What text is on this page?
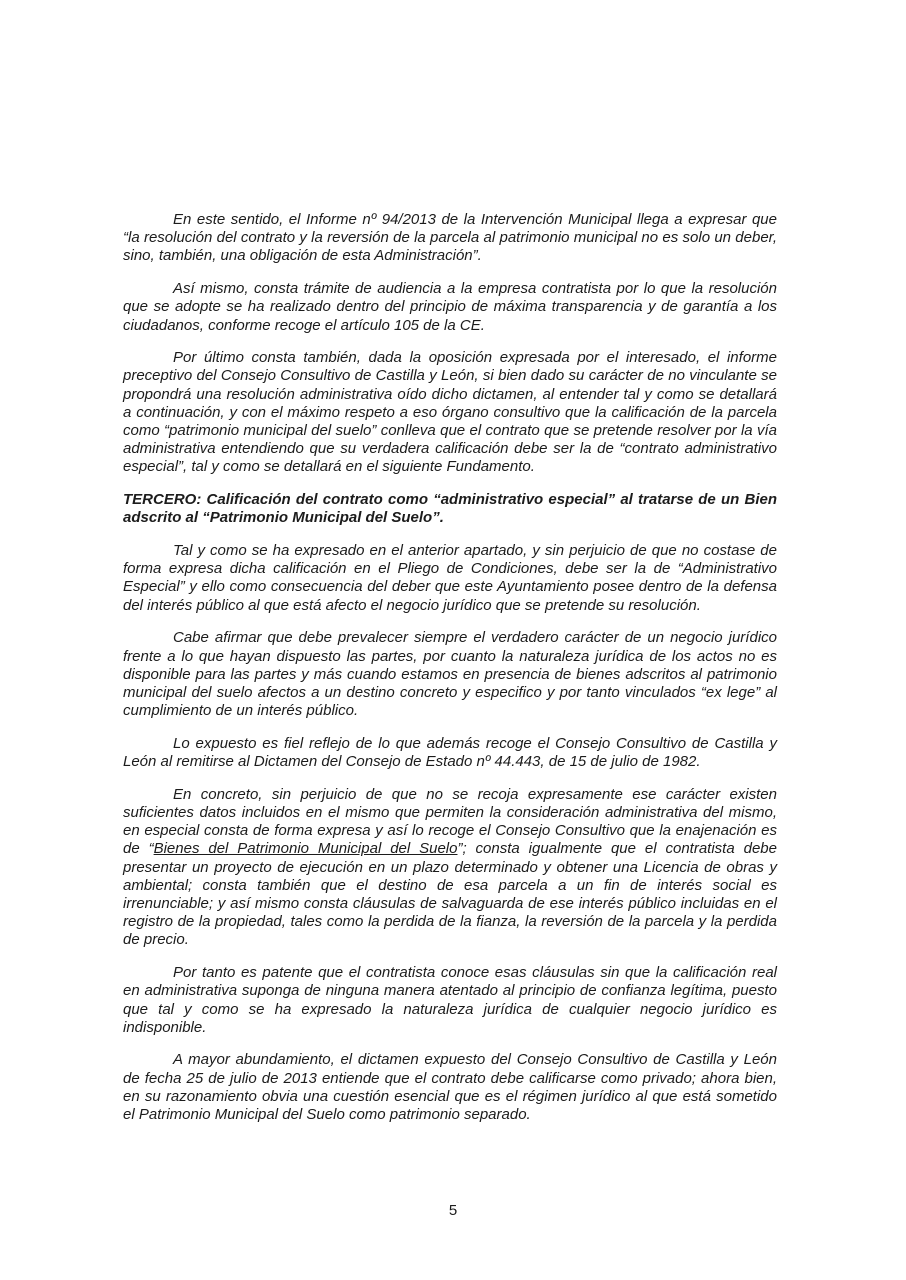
En este sentido, el Informe nº 94/2013 de la Intervención Municipal llega a expresar que “la resolución del contrato y la reversión de la parcela al patrimonio municipal no es solo un deber, sino, también, una obligación de esta Administración”.

Así mismo, consta trámite de audiencia a la empresa contratista por lo que la resolución que se adopte se ha realizado dentro del principio de máxima transparencia y de garantía a los ciudadanos, conforme recoge el artículo 105 de la CE.

Por último consta también, dada la oposición expresada por el interesado, el informe preceptivo del Consejo Consultivo de Castilla y León, si bien dado su carácter de no vinculante se propondrá una resolución administrativa oído dicho dictamen, al entender tal y como se detallará a continuación, y con el máximo respeto a eso órgano consultivo que la calificación de la parcela como “patrimonio municipal del suelo” conlleva que el contrato que se pretende resolver por la vía administrativa entendiendo que su verdadera calificación debe ser la de “contrato administrativo especial”, tal y como se detallará en el siguiente Fundamento.

TERCERO: Calificación del contrato como “administrativo especial” al tratarse de un Bien adscrito al “Patrimonio Municipal del Suelo”.

Tal y como se ha expresado en el anterior apartado, y sin perjuicio de que no costase de forma expresa dicha calificación en el Pliego de Condiciones, debe ser la de “Administrativo Especial” y ello como consecuencia del deber que este Ayuntamiento posee dentro de la defensa del interés público al que está afecto el negocio jurídico que se pretende su resolución.

Cabe afirmar que debe prevalecer siempre el verdadero carácter de un negocio jurídico frente a lo que hayan dispuesto las partes, por cuanto la naturaleza jurídica de los actos no es disponible para las partes y más cuando estamos en presencia de bienes adscritos al patrimonio municipal del suelo afectos a un destino concreto y especifico y por tanto vinculados “ex lege” al cumplimiento de un interés público.

Lo expuesto es fiel reflejo de lo que además recoge el Consejo Consultivo de Castilla y León al remitirse al Dictamen del Consejo de Estado nº 44.443, de 15 de julio de 1982.

En concreto, sin perjuicio de que no se recoja expresamente ese carácter existen suficientes datos incluidos en el mismo que permiten la consideración administrativa del mismo, en especial consta de forma expresa y así lo recoge el Consejo Consultivo que la enajenación es de “Bienes del Patrimonio Municipal del Suelo”; consta igualmente que el contratista debe presentar un proyecto de ejecución en un plazo determinado y obtener una Licencia de obras y ambiental; consta también que el destino de esa parcela a un fin de interés social es irrenunciable; y así mismo consta cláusulas de salvaguarda de ese interés público incluidas en el registro de la propiedad, tales como la perdida de la fianza, la reversión de la parcela y la perdida de precio.

Por tanto es patente que el contratista conoce esas cláusulas sin que la calificación real en administrativa suponga de ninguna manera atentado al principio de confianza legítima, puesto que tal y como se ha expresado la naturaleza jurídica de cualquier negocio jurídico es indisponible.

A mayor abundamiento, el dictamen expuesto del Consejo Consultivo de Castilla y León de fecha 25 de julio de 2013 entiende que el contrato debe calificarse como privado; ahora bien, en su razonamiento obvia una cuestión esencial que es el régimen jurídico al que está sometido el Patrimonio Municipal del Suelo como patrimonio separado.

5
